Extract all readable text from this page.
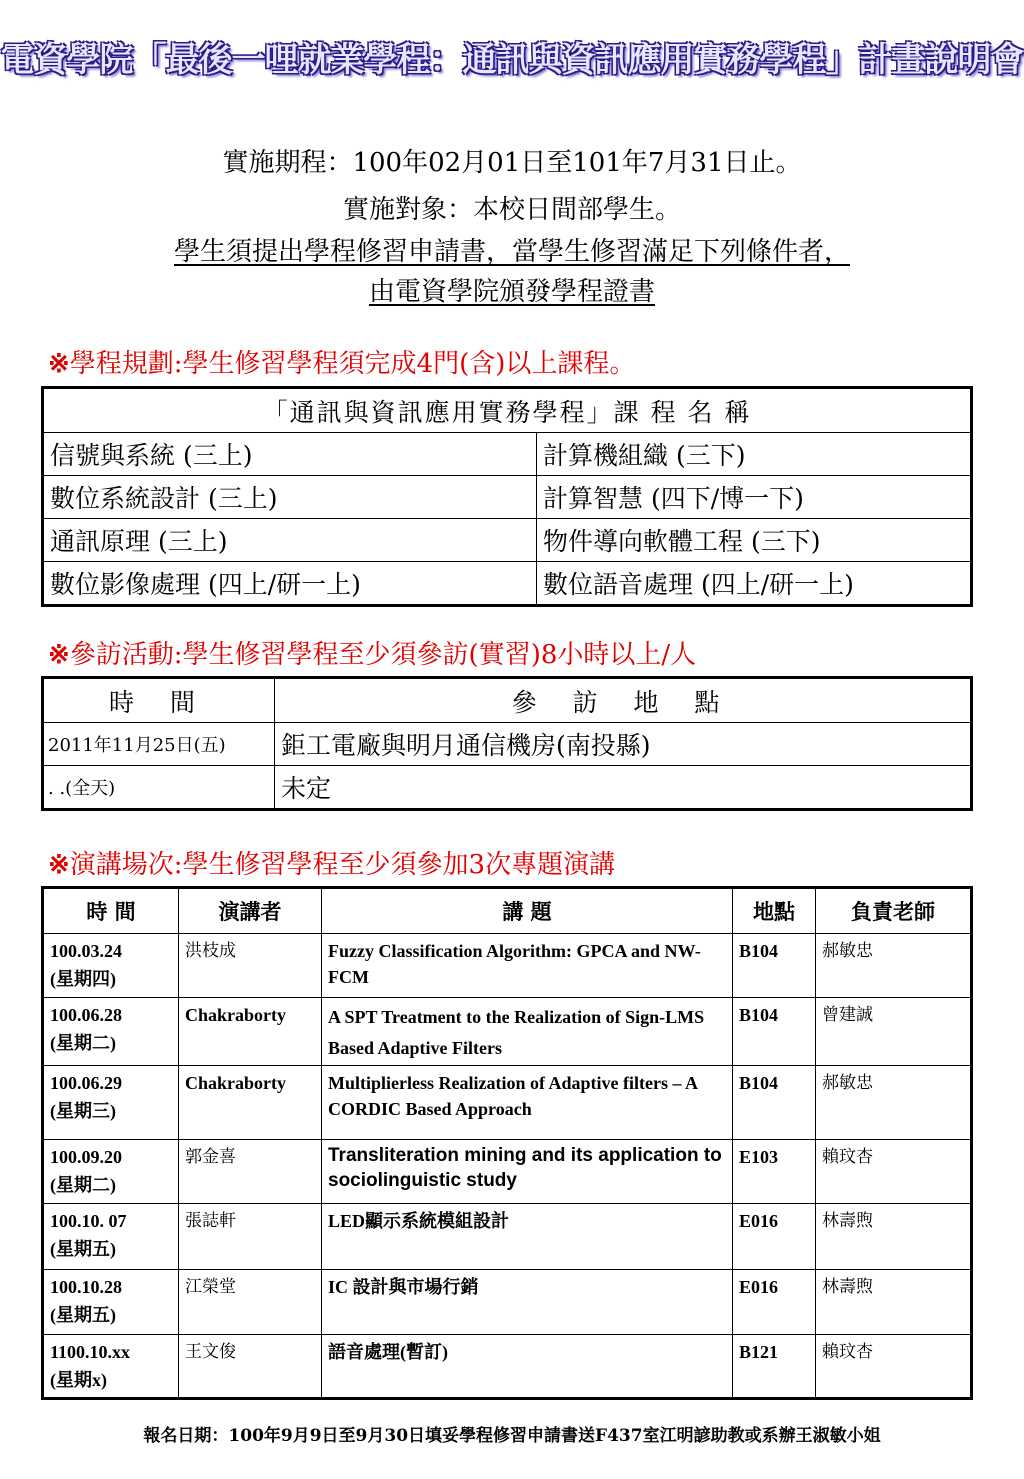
電資學院「最後一哩就業學程：通訊與資訊應用實務學程」計畫說明會
實施期程：100年02月01日至101年7月31日止。
實施對象：本校日間部學生。
學生須提出學程修習申請書，當學生修習滿足下列條件者，
由電資學院頒發學程證書
※學程規劃:學生修習學程須完成4門(含)以上課程。
「通訊與資訊應用實務學程」課 程 名 稱	
信號與系統 (三上)	計算機組織 (三下)
數位系統設計 (三上)	計算智慧 (四下/博一下)
通訊原理 (三上)	物件導向軟體工程 (三下)
數位影像處理 (四上/研一上)	數位語音處理 (四上/研一上)
※參訪活動:學生修習學程至少須參訪(實習)8小時以上/人
時 間	參 訪 地 點
2011年11月25日(五)	鉅工電廠與明月通信機房(南投縣)
. .(全天)	未定
※演講場次:學生修習學程至少須參加3次專題演講
時 間	演講者	講 題	地點	負責老師

100.03.24
(星期四)	洪枝成	Fuzzy Classification Algorithm: GPCA and NW-FCM	B104	郝敏忠

100.06.28
(星期二)	Chakraborty	A SPT Treatment to the Realization of Sign-LMS Based Adaptive Filters	B104	曾建誠

100.06.29
(星期三)	Chakraborty	Multiplierless Realization of Adaptive filters – A CORDIC Based Approach	B104	郝敏忠

100.09.20
(星期二)	郭金喜	Transliteration mining and its application to sociolinguistic study	E103	賴玟杏

100.10. 07
(星期五)	張誌軒	LED顯示系統模組設計	E016	林壽煦

100.10.28
(星期五)	江榮堂	IC 設計與市場行銷	E016	林壽煦

1100.10.xx
(星期x)	王文俊	語音處理(暫訂)	B121	賴玟杏
報名日期：100年9月9日至9月30日填妥學程修習申請書送F437室江明諺助教或系辦王淑敏小姐
